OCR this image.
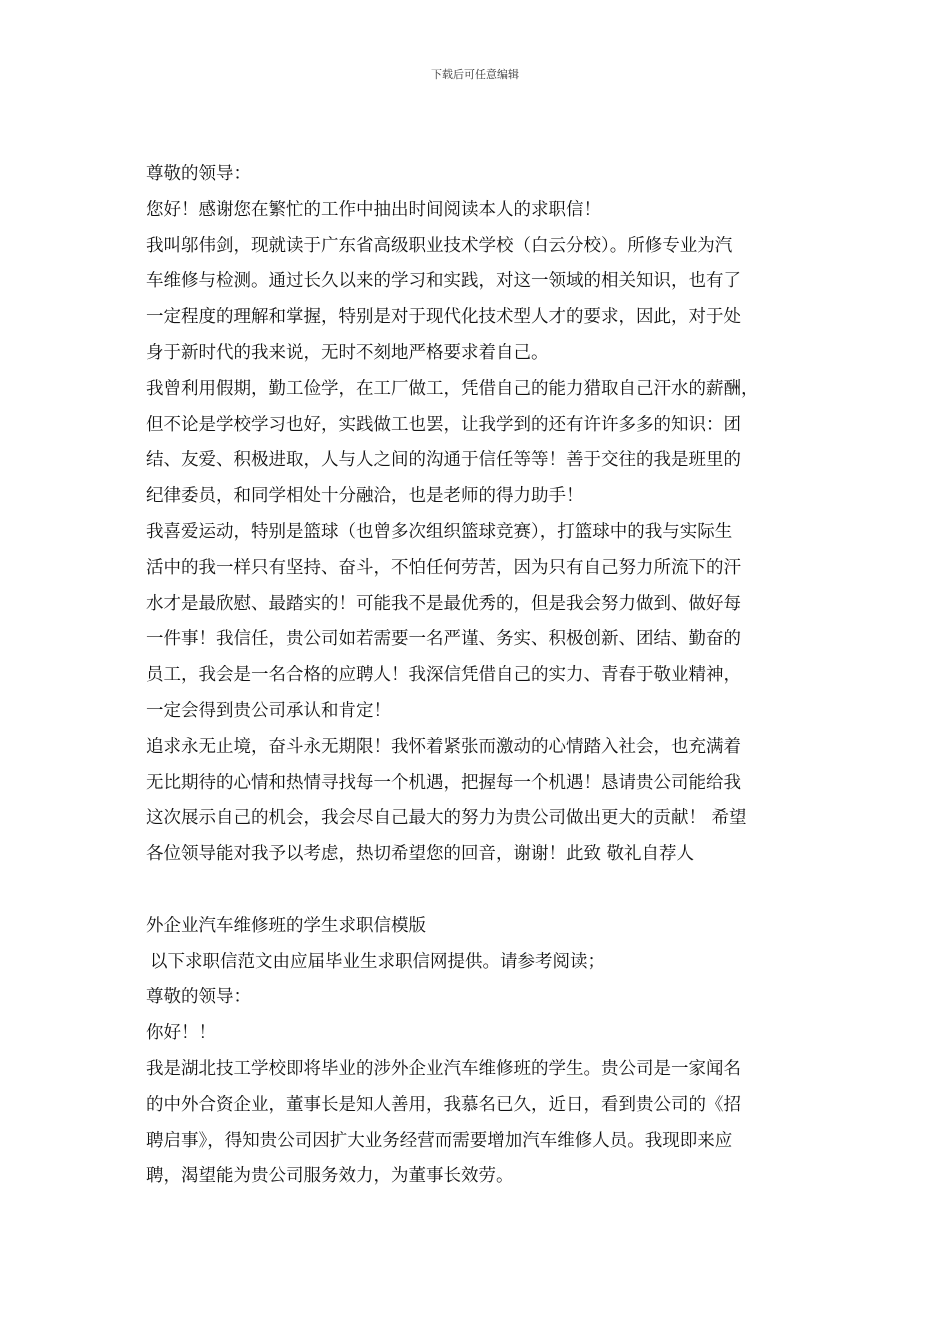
下载后可任意编辑
尊敬的领导：
您好！感谢您在繁忙的工作中抽出时间阅读本人的求职信！
我叫邬伟剑，现就读于广东省高级职业技术学校（白云分校）。所修专业为汽
车维修与检测。通过长久以来的学习和实践，对这一领域的相关知识，也有了
一定程度的理解和掌握，特别是对于现代化技术型人才的要求，因此，对于处
身于新时代的我来说，无时不刻地严格要求着自己。
我曾利用假期，勤工俭学，在工厂做工，凭借自己的能力猎取自己汗水的薪酬，
但不论是学校学习也好，实践做工也罢，让我学到的还有许许多多的知识：团
结、友爱、积极进取，人与人之间的沟通于信任等等！善于交往的我是班里的
纪律委员，和同学相处十分融洽，也是老师的得力助手！
我喜爱运动，特别是篮球（也曾多次组织篮球竞赛），打篮球中的我与实际生
活中的我一样只有坚持、奋斗，不怕任何劳苦，因为只有自己努力所流下的汗
水才是最欣慰、最踏实的！可能我不是最优秀的，但是我会努力做到、做好每
一件事！我信任，贵公司如若需要一名严谨、务实、积极创新、团结、勤奋的
员工，我会是一名合格的应聘人！我深信凭借自己的实力、青春于敬业精神，
一定会得到贵公司承认和肯定！
追求永无止境，奋斗永无期限！我怀着紧张而激动的心情踏入社会，也充满着
无比期待的心情和热情寻找每一个机遇，把握每一个机遇！恳请贵公司能给我
这次展示自己的机会，我会尽自己最大的努力为贵公司做出更大的贡献！ 希望
各位领导能对我予以考虑，热切希望您的回音，谢谢！此致 敬礼自荐人
外企业汽车维修班的学生求职信模版
以下求职信范文由应届毕业生求职信网提供。请参考阅读；
尊敬的领导：
你好！！
我是湖北技工学校即将毕业的涉外企业汽车维修班的学生。贵公司是一家闻名
的中外合资企业，董事长是知人善用，我慕名已久，近日，看到贵公司的《招
聘启事》，得知贵公司因扩大业务经营而需要增加汽车维修人员。我现即来应
聘，渴望能为贵公司服务效力，为董事长效劳。
